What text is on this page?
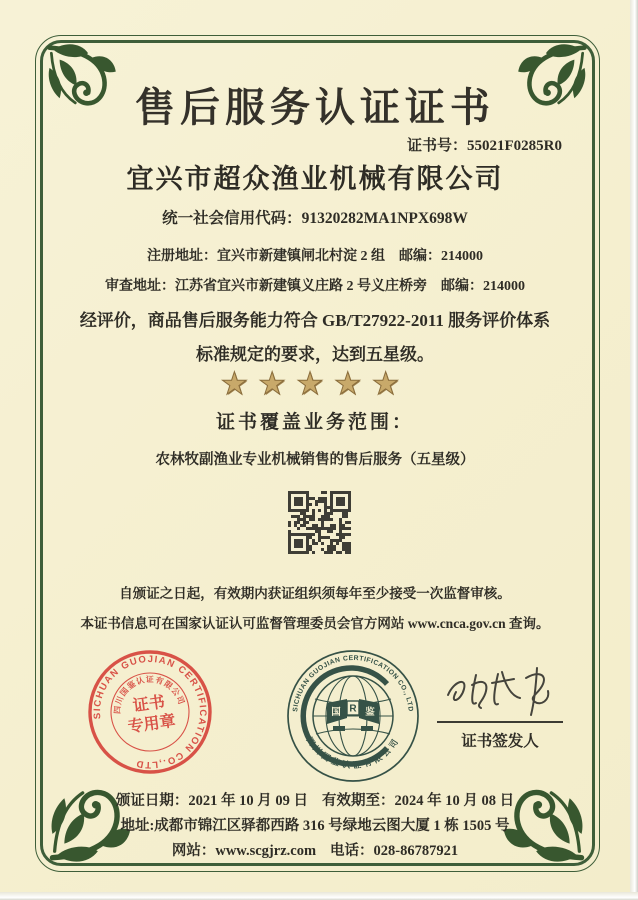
售后服务认证证书
证书号：55021F0285R0
宜兴市超众渔业机械有限公司
统一社会信用代码：91320282MA1NPX698W
注册地址：宜兴市新建镇闸北村淀 2 组 邮编：214000
审查地址：江苏省宜兴市新建镇义庄路 2 号义庄桥旁 邮编：214000
经评价，商品售后服务能力符合 GB/T27922-2011 服务评价体系
标准规定的要求，达到五星级。
★ ★ ★ ★ ★
证书覆盖业务范围：
农林牧副渔业专业机械销售的售后服务（五星级）
自颁证之日起，有效期内获证组织须每年至少接受一次监督审核。
本证书信息可在国家认证认可监督管理委员会官方网站 www.cnca.gov.cn 查询。
SICHUAN GUOJIAN CERTIFICATION CO.,LTD
四川国鉴认证有限公司
证书
专用章
SICHUAN GUOJIAN CERTIFICATION CO., LTD
四川国鉴认证有限公司
国 R 鉴
证书签发人
颁证日期：2021 年 10 月 09 日 有效期至：2024 年 10 月 08 日
地址:成都市锦江区驿都西路 316 号绿地云图大厦 1 栋 1505 号
网站：www.scgjrz.com 电话：028-86787921
